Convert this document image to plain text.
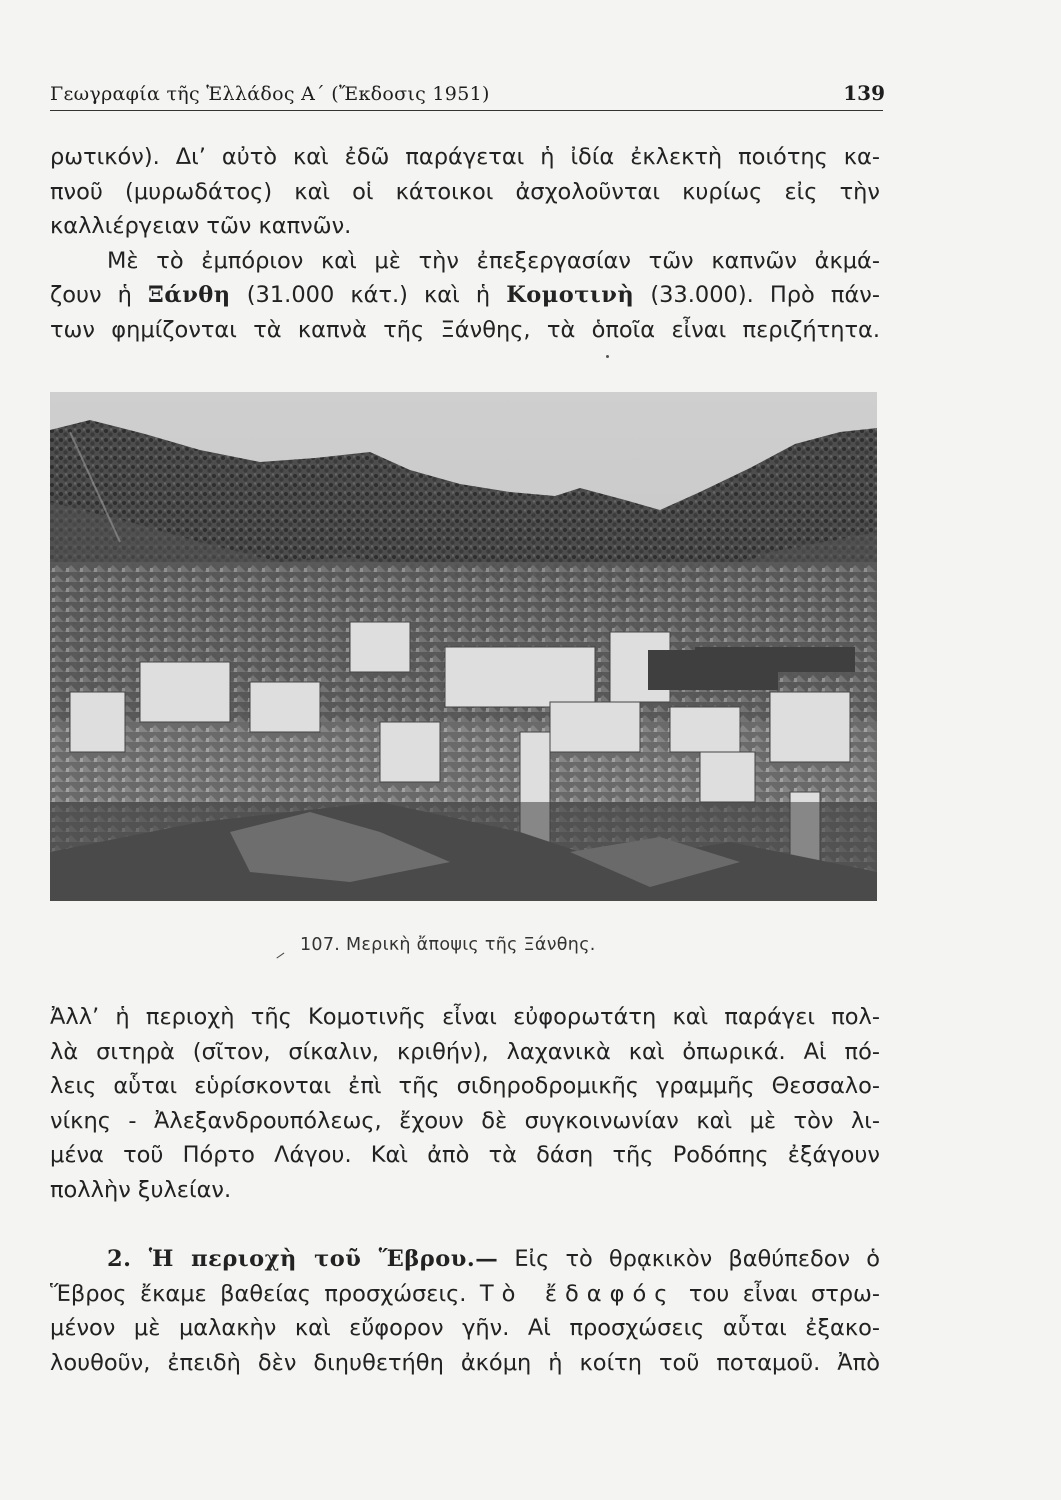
Γεωγραφία τῆς Ἑλλάδος Α΄ (Ἔκδοσις 1951)	139

ρωτικόν). Δι’ αὐτὸ καὶ ἐδῶ παράγεται ἡ ἰδία ἐκλεκτὴ ποιότης κα-
πνοῦ (μυρωδάτος) καὶ οἱ κάτοικοι ἀσχολοῦνται κυρίως εἰς τὴν
καλλιέργειαν τῶν καπνῶν.

Μὲ τὸ ἐμπόριον καὶ μὲ τὴν ἐπεξεργασίαν τῶν καπνῶν ἀκμά-
ζουν ἡ Ξάνθη (31.000 κάτ.) καὶ ἡ Κομοτινὴ (33.000). Πρὸ πάν-
των φημίζονται τὰ καπνὰ τῆς Ξάνθης, τὰ ὁποῖα εἶναι περιζήτητα.

107. Μερικὴ ἄποψις τῆς Ξάνθης.

Ἀλλ’ ἡ περιοχὴ τῆς Κομοτινῆς εἶναι εὐφορωτάτη καὶ παράγει πολ-
λὰ σιτηρὰ (σῖτον, σίκαλιν, κριθήν), λαχανικὰ καὶ ὀπωρικά. Αἱ πό-
λεις αὗται εὑρίσκονται ἐπὶ τῆς σιδηροδρομικῆς γραμμῆς Θεσσαλο-
νίκης - Ἀλεξανδρουπόλεως, ἔχουν δὲ συγκοινωνίαν καὶ μὲ τὸν λι-
μένα τοῦ Πόρτο Λάγου. Καὶ ἀπὸ τὰ δάση τῆς Ροδόπης ἐξάγουν
πολλὴν ξυλείαν.

2. Ἡ περιοχὴ τοῦ Ἕβρου.— Εἰς τὸ θρᾳκικὸν βαθύπεδον ὁ
Ἕβρος ἔκαμε βαθείας προσχώσεις. Τὸ ἔδαφός του εἶναι στρω-
μένον μὲ μαλακὴν καὶ εὔφορον γῆν. Αἱ προσχώσεις αὗται ἐξακο-
λουθοῦν, ἐπειδὴ δὲν διηυθετήθη ἀκόμη ἡ κοίτη τοῦ ποταμοῦ. Ἀπὸ
